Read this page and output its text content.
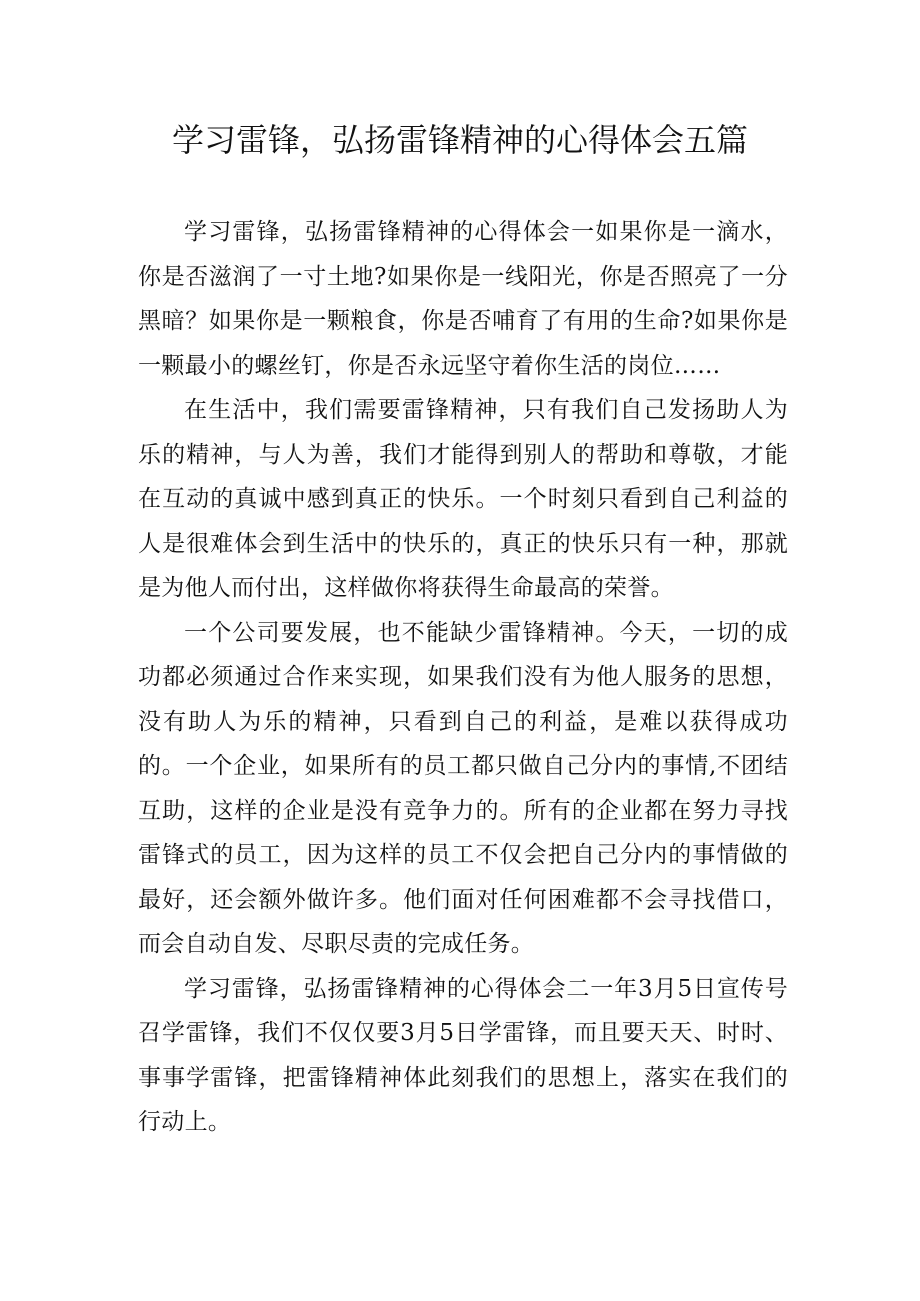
学习雷锋，弘扬雷锋精神的心得体会五篇

学习雷锋，弘扬雷锋精神的心得体会一如果你是一滴水，你是否滋润了一寸土地?如果你是一线阳光，你是否照亮了一分黑暗？如果你是一颗粮食，你是否哺育了有用的生命?如果你是一颗最小的螺丝钉，你是否永远坚守着你生活的岗位……

在生活中，我们需要雷锋精神，只有我们自己发扬助人为乐的精神，与人为善，我们才能得到别人的帮助和尊敬，才能在互动的真诚中感到真正的快乐。一个时刻只看到自己利益的人是很难体会到生活中的快乐的，真正的快乐只有一种，那就是为他人而付出，这样做你将获得生命最高的荣誉。

一个公司要发展，也不能缺少雷锋精神。今天，一切的成功都必须通过合作来实现，如果我们没有为他人服务的思想，没有助人为乐的精神，只看到自己的利益，是难以获得成功的。一个企业，如果所有的员工都只做自己分内的事情,不团结互助，这样的企业是没有竞争力的。所有的企业都在努力寻找雷锋式的员工，因为这样的员工不仅会把自己分内的事情做的最好，还会额外做许多。他们面对任何困难都不会寻找借口，而会自动自发、尽职尽责的完成任务。

学习雷锋，弘扬雷锋精神的心得体会二一年3月5日宣传号召学雷锋，我们不仅仅要3月5日学雷锋，而且要天天、时时、事事学雷锋，把雷锋精神体此刻我们的思想上，落实在我们的行动上。
